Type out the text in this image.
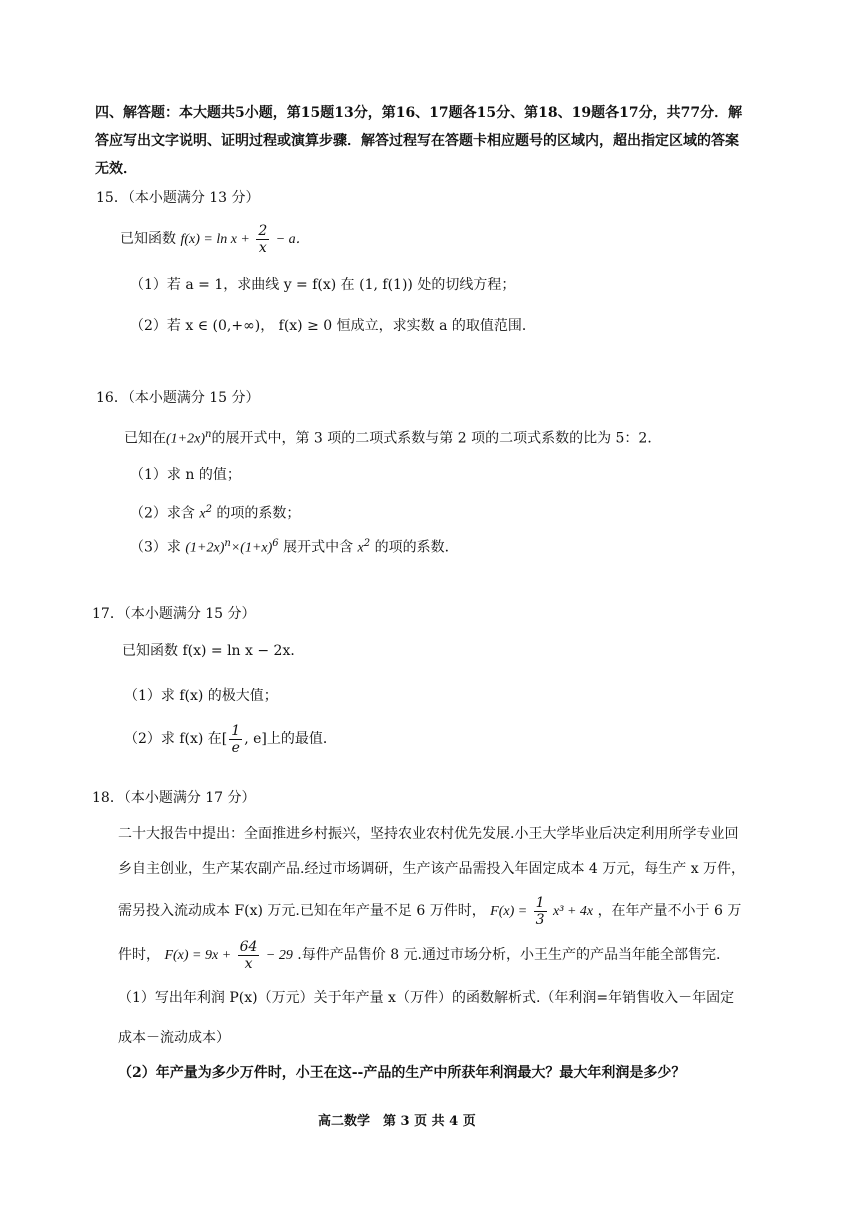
四、解答题：本大题共5小题，第15题13分，第16、17题各15分、第18、19题各17分，共77分．解
答应写出文字说明、证明过程或演算步骤．解答过程写在答题卡相应题号的区域内，超出指定区域的答案
无效．
15．（本小题满分 13 分）
已知函数 $f(x) = \ln x + \frac{2}{x} - a$．
（1）若 a = 1，求曲线 y = f(x) 在 (1, f(1)) 处的切线方程；
（2）若 x ∈ (0,+∞)， f(x) ≥ 0 恒成立，求实数 a 的取值范围．
16．（本小题满分 15 分）
已知在$(1+2x)^n$的展开式中，第 3 项的二项式系数与第 2 项的二项式系数的比为 5：2．
（1）求 n 的值；
（2）求含 $x^2$ 的项的系数；
（3）求 $(1+2x)^n\times(1+x)^6$ 展开式中含 $x^2$ 的项的系数．
17．（本小题满分 15 分）
已知函数 f(x) = ln x − 2x．
（1）求 f(x) 的极大值；
（2）求 f(x) 在[ $\frac{1}{e}$ , e]上的最值．
18．（本小题满分 17 分）
二十大报告中提出：全面推进乡村振兴，坚持农业农村优先发展.小王大学毕业后决定利用所学专业回
乡自主创业，生产某农副产品.经过市场调研，生产该产品需投入年固定成本 4 万元，每生产 x 万件，
需另投入流动成本 F(x) 万元.已知在年产量不足 6 万件时， $F(x) = \frac{1}{3} x^3 + 4x$ ，在年产量不小于 6 万
件时， $F(x) = 9x + \frac{64}{x} - 29$ .每件产品售价 8 元.通过市场分析，小王生产的产品当年能全部售完.
（1）写出年利润 P(x)（万元）关于年产量 x（万件）的函数解析式.（年利润=年销售收入－年固定
成本－流动成本）
（2）年产量为多少万件时，小王在这--产品的生产中所获年利润最大？最大年利润是多少？
高二数学　第 3 页 共 4 页
